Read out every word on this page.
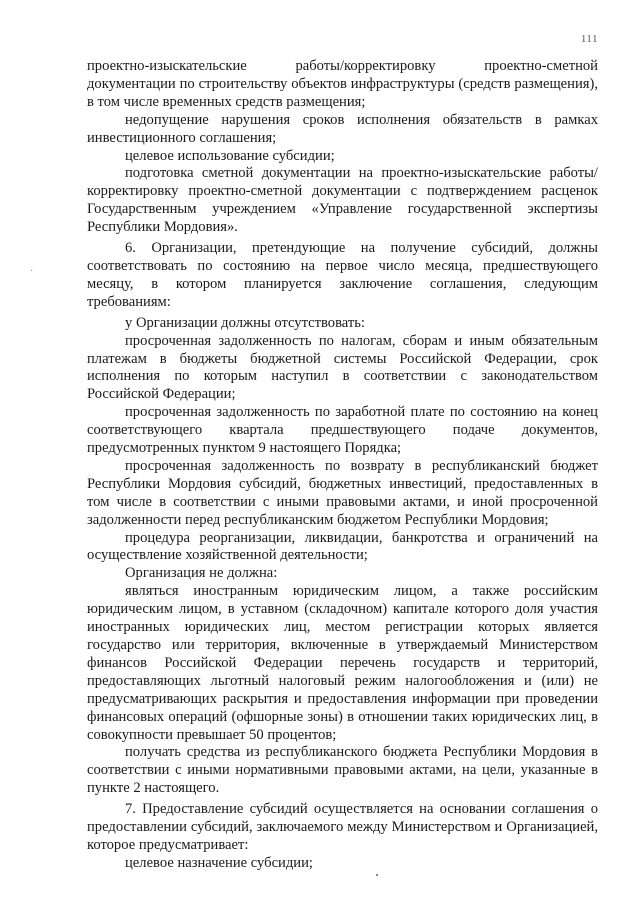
111
·

проектно-изыскательские работы/корректировку проектно-сметной документации по строительству объектов инфраструктуры (средств размещения), в том числе временных средств размещения;

недопущение нарушения сроков исполнения обязательств в рамках инвестиционного соглашения;

целевое использование субсидии;

подготовка сметной документации на проектно-изыскательские работы/корректировку проектно-сметной документации с подтверждением расценок Государственным учреждением «Управление государственной экспертизы Республики Мордовия».

6. Организации, претендующие на получение субсидий, должны соответствовать по состоянию на первое число месяца, предшествующего месяцу, в котором планируется заключение соглашения, следующим требованиям:

у Организации должны отсутствовать:

просроченная задолженность по налогам, сборам и иным обязательным платежам в бюджеты бюджетной системы Российской Федерации, срок исполнения по которым наступил в соответствии с законодательством Российской Федерации;

просроченная задолженность по заработной плате по состоянию на конец соответствующего квартала предшествующего подаче документов, предусмотренных пунктом 9 настоящего Порядка;

просроченная задолженность по возврату в республиканский бюджет Республики Мордовия субсидий, бюджетных инвестиций, предоставленных в том числе в соответствии с иными правовыми актами, и иной просроченной задолженности перед республиканским бюджетом Республики Мордовия;

процедура реорганизации, ликвидации, банкротства и ограничений на осуществление хозяйственной деятельности;

Организация не должна:

являться иностранным юридическим лицом, а также российским юридическим лицом, в уставном (складочном) капитале которого доля участия иностранных юридических лиц, местом регистрации которых является государство или территория, включенные в утверждаемый Министерством финансов Российской Федерации перечень государств и территорий, предоставляющих льготный налоговый режим налогообложения и (или) не предусматривающих раскрытия и предоставления информации при проведении финансовых операций (офшорные зоны) в отношении таких юридических лиц, в совокупности превышает 50 процентов;

получать средства из республиканского бюджета Республики Мордовия в соответствии с иными нормативными правовыми актами, на цели, указанные в пункте 2 настоящего.

7. Предоставление субсидий осуществляется на основании соглашения о предоставлении субсидий, заключаемого между Министерством и Организацией, которое предусматривает:

целевое назначение субсидии;
